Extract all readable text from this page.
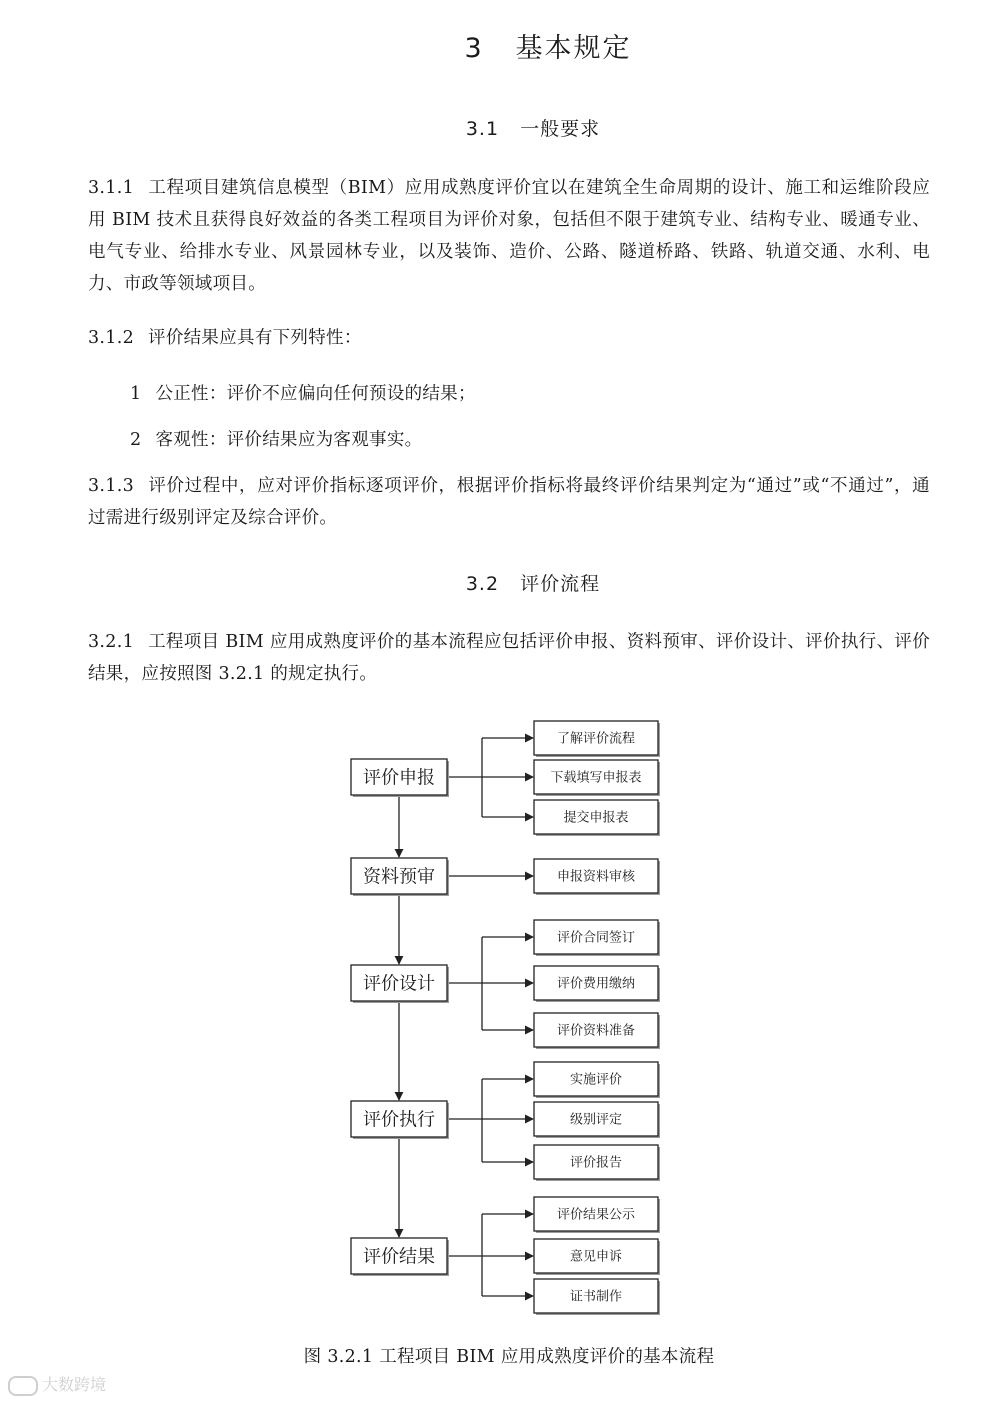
3 基本规定
3.1 一般要求
3.1.1 工程项目建筑信息模型（BIM）应用成熟度评价宜以在建筑全生命周期的设计、施工和运维阶段应用 BIM 技术且获得良好效益的各类工程项目为评价对象，包括但不限于建筑专业、结构专业、暖通专业、电气专业、给排水专业、风景园林专业，以及装饰、造价、公路、隧道桥路、铁路、轨道交通、水利、电力、市政等领域项目。
3.1.2 评价结果应具有下列特性：
1 公正性：评价不应偏向任何预设的结果；
2 客观性：评价结果应为客观事实。
3.1.3 评价过程中，应对评价指标逐项评价，根据评价指标将最终评价结果判定为“通过”或“不通过”，通过需进行级别评定及综合评价。
3.2 评价流程
3.2.1 工程项目 BIM 应用成熟度评价的基本流程应包括评价申报、资料预审、评价设计、评价执行、评价结果，应按照图 3.2.1 的规定执行。
评价申报
了解评价流程
下载填写申报表
提交申报表
资料预审	申报资料审核
评价设计
评价合同签订
评价费用缴纳
评价资料准备
评价执行
实施评价
级别评定
评价报告
评价结果
评价结果公示
意见申诉
证书制作
图 3.2.1 工程项目 BIM 应用成熟度评价的基本流程
大数跨境
